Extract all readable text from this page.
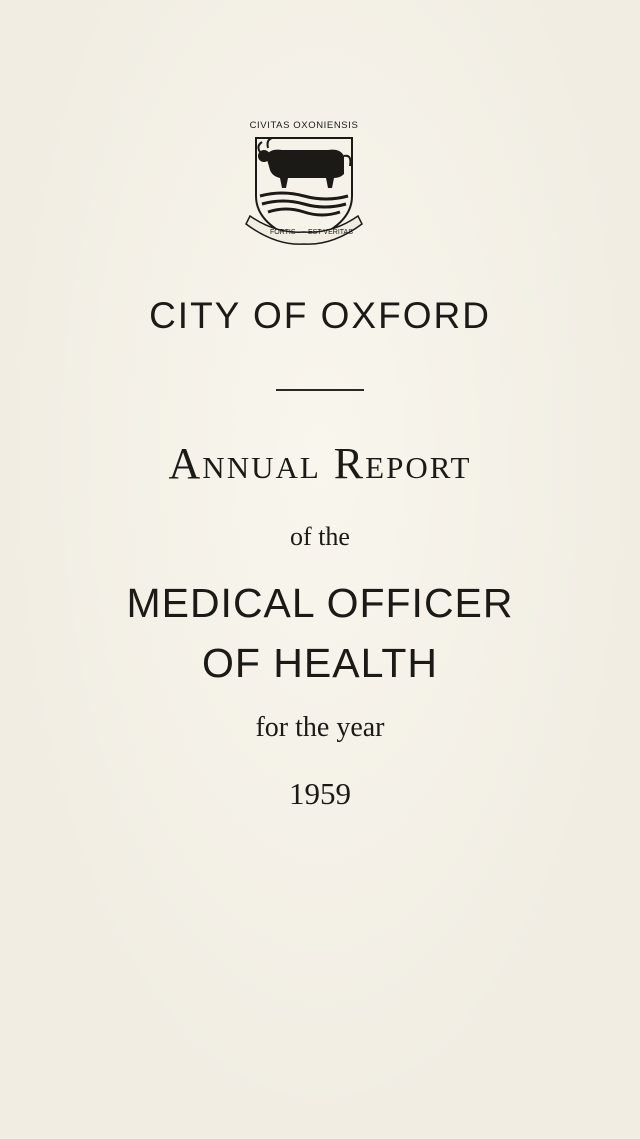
CIVITAS OXONIENSIS
FORTIS EST VERITAS
CITY OF OXFORD
Annual Report
of the
MEDICAL OFFICER
OF HEALTH
for the year
1959
